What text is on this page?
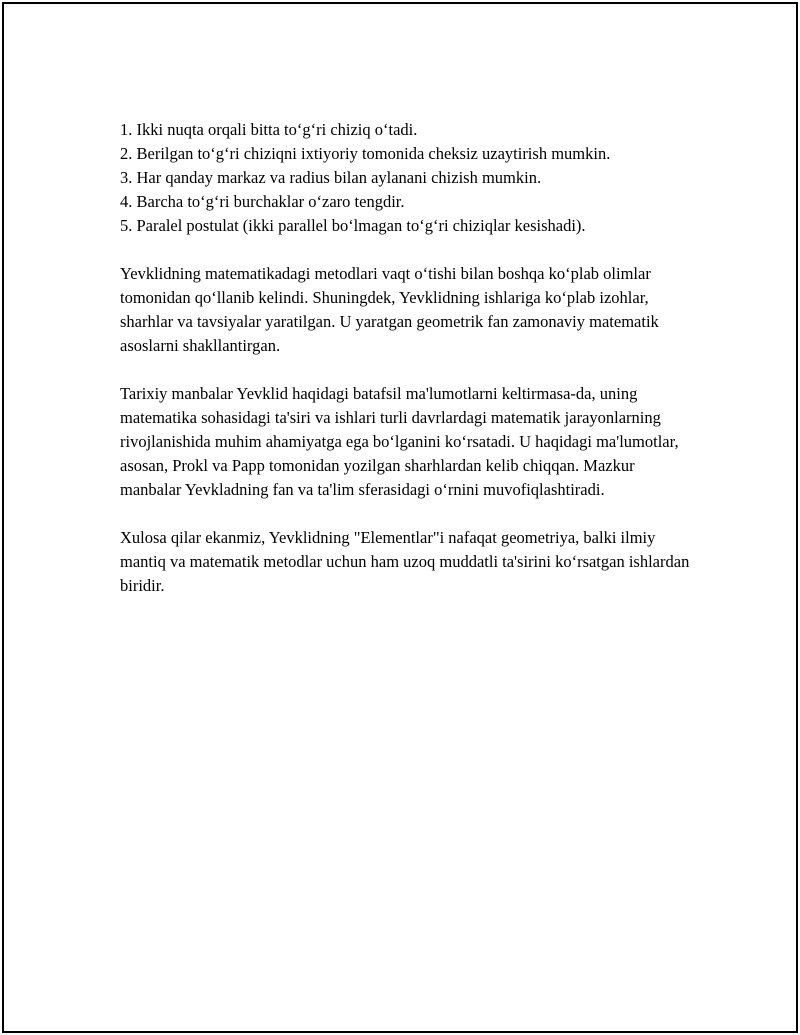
1. Ikki nuqta orqali bitta to‘g‘ri chiziq o‘tadi.
2. Berilgan to‘g‘ri chiziqni ixtiyoriy tomonida cheksiz uzaytirish mumkin.
3. Har qanday markaz va radius bilan aylanani chizish mumkin.
4. Barcha to‘g‘ri burchaklar o‘zaro tengdir.
5. Paralel postulat (ikki parallel bo‘lmagan to‘g‘ri chiziqlar kesishadi).

Yevklidning matematikadagi metodlari vaqt o‘tishi bilan boshqa ko‘plab olimlar tomonidan qo‘llanib kelindi. Shuningdek, Yevklidning ishlariga ko‘plab izohlar, sharhlar va tavsiyalar yaratilgan. U yaratgan geometrik fan zamonaviy matematik asoslarni shakllantirgan.

Tarixiy manbalar Yevklid haqidagi batafsil ma'lumotlarni keltirmasa-da, uning matematika sohasidagi ta'siri va ishlari turli davrlardagi matematik jarayonlarning rivojlanishida muhim ahamiyatga ega bo‘lganini ko‘rsatadi. U haqidagi ma'lumotlar, asosan, Prokl va Papp tomonidan yozilgan sharhlardan kelib chiqqan. Mazkur manbalar Yevkladning fan va ta'lim sferasidagi o‘rnini muvofiqlashtiradi.

Xulosa qilar ekanmiz, Yevklidning "Elementlar"i nafaqat geometriya, balki ilmiy mantiq va matematik metodlar uchun ham uzoq muddatli ta'sirini ko‘rsatgan ishlardan biridir.
